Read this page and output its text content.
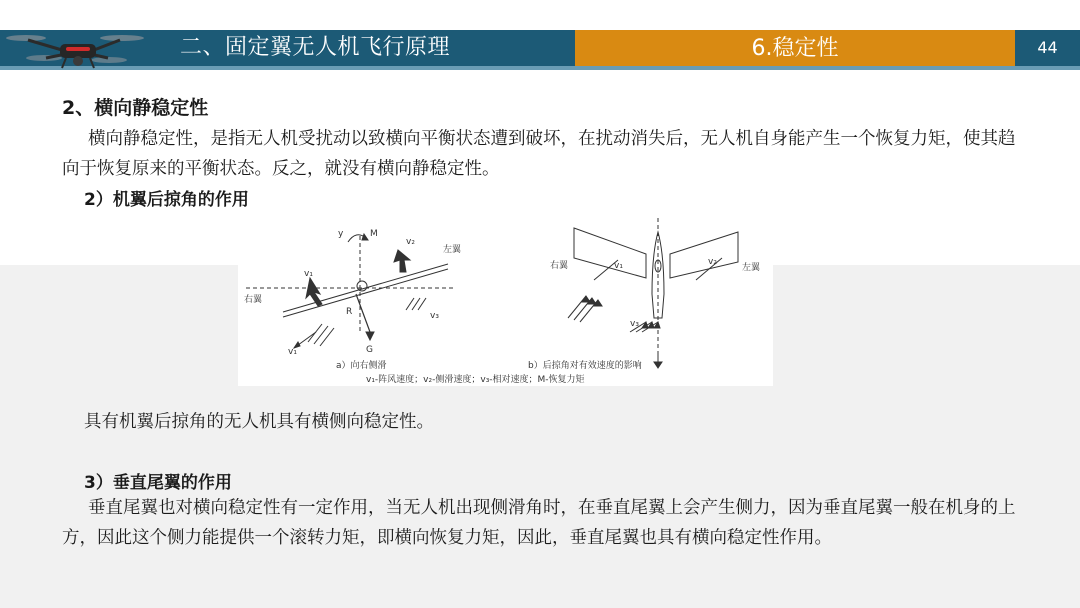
二、固定翼无人机飞行原理	6.稳定性	44
2、横向静稳定性
横向静稳定性，是指无人机受扰动以致横向平衡状态遭到破坏，在扰动消失后，无人机自身能产生一个恢复力矩，使其趋向于恢复原来的平衡状态。反之，就没有横向静稳定性。
2）机翼后掠角的作用
左翼
右翼
y	M
G
R
v₁
v₂
v₃
v₁
右翼	左翼
v₁	v₂
v₃
a）向右侧滑	b）后掠角对有效速度的影响
v₁-阵风速度；v₂-侧滑速度；v₃-相对速度；M-恢复力矩
具有机翼后掠角的无人机具有横侧向稳定性。
3）垂直尾翼的作用
垂直尾翼也对横向稳定性有一定作用，当无人机出现侧滑角时，在垂直尾翼上会产生侧力，因为垂直尾翼一般在机身的上方，因此这个侧力能提供一个滚转力矩，即横向恢复力矩，因此，垂直尾翼也具有横向稳定性作用。
